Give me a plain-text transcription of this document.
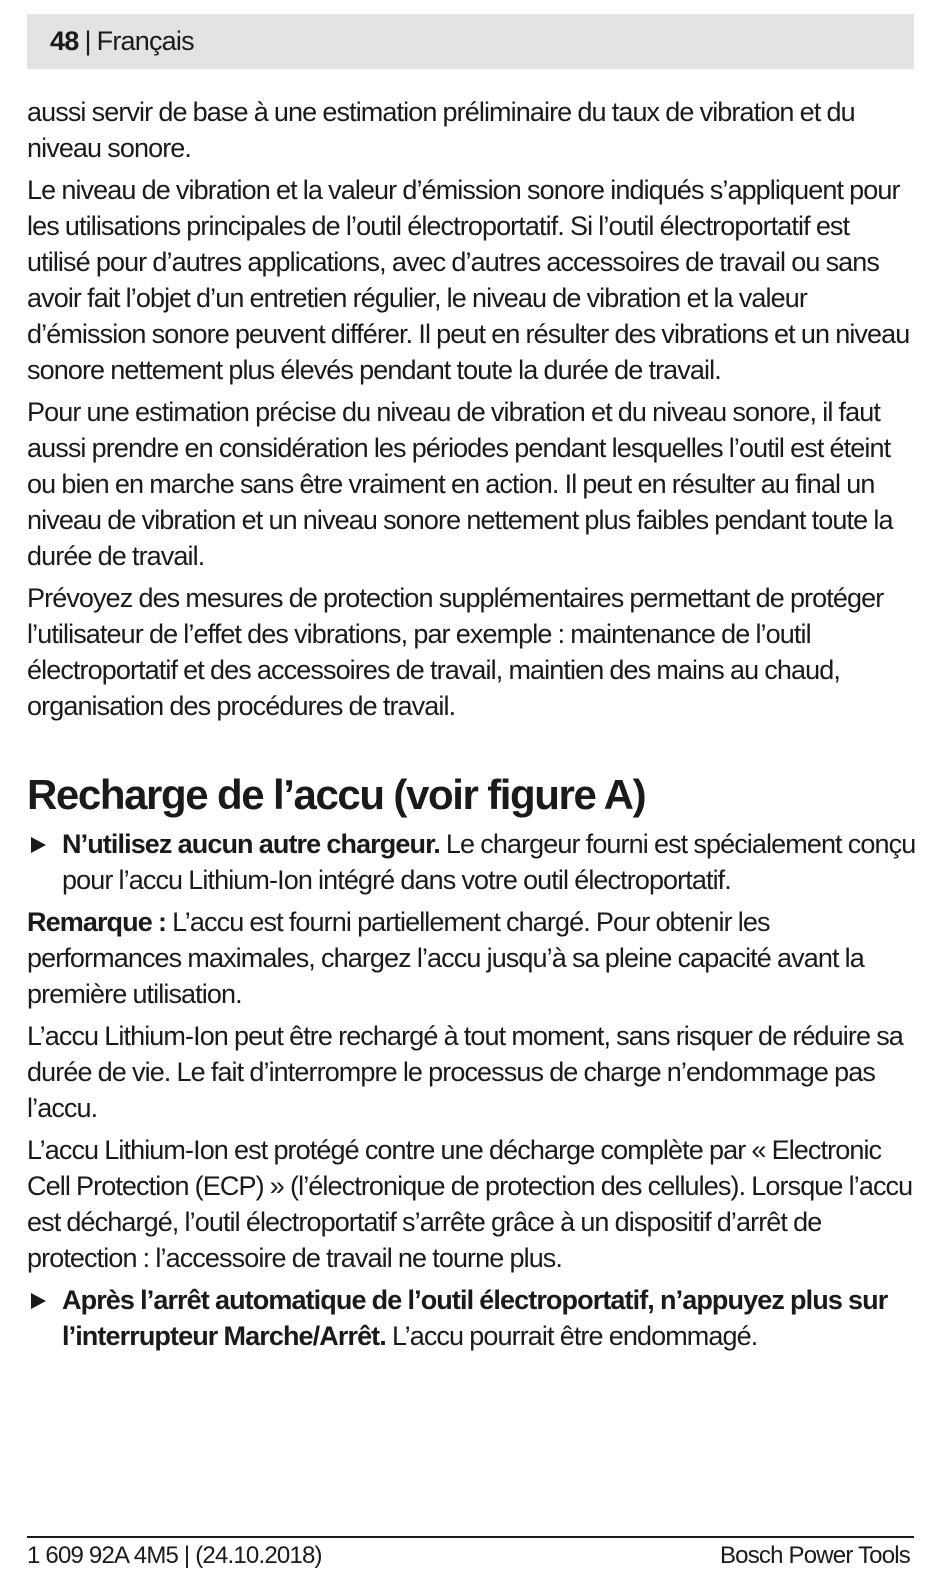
48 | Français

aussi servir de base à une estimation préliminaire du taux de vibration et du niveau sonore.

Le niveau de vibration et la valeur d’émission sonore indiqués s’appliquent pour les utilisations principales de l’outil électroportatif. Si l’outil électroportatif est utilisé pour d’autres applications, avec d’autres accessoires de travail ou sans avoir fait l’objet d’un entretien régulier, le niveau de vibration et la valeur d’émission sonore peuvent différer. Il peut en résulter des vibrations et un niveau sonore nettement plus élevés pendant toute la durée de travail.

Pour une estimation précise du niveau de vibration et du niveau sonore, il faut aussi prendre en considération les périodes pendant lesquelles l’outil est éteint ou bien en marche sans être vraiment en action. Il peut en résulter au final un niveau de vibration et un niveau sonore nettement plus faibles pendant toute la durée de travail.

Prévoyez des mesures de protection supplémentaires permettant de protéger l’utilisateur de l’effet des vibrations, par exemple : maintenance de l’outil électroportatif et des accessoires de travail, maintien des mains au chaud, organisation des procédures de travail.

Recharge de l’accu (voir figure A)
N’utilisez aucun autre chargeur. Le chargeur fourni est spécialement conçu pour l’accu Lithium-Ion intégré dans votre outil électroportatif.

Remarque : L’accu est fourni partiellement chargé. Pour obtenir les performances maximales, chargez l’accu jusqu’à sa pleine capacité avant la première utilisation.

L’accu Lithium-Ion peut être rechargé à tout moment, sans risquer de réduire sa durée de vie. Le fait d’interrompre le processus de charge n’endommage pas l’accu.

L’accu Lithium-Ion est protégé contre une décharge complète par « Electronic Cell Protection (ECP) » (l’électronique de protection des cellules). Lorsque l’accu est déchargé, l’outil électroportatif s’arrête grâce à un dispositif d’arrêt de protection : l’accessoire de travail ne tourne plus.

Après l’arrêt automatique de l’outil électroportatif, n’appuyez plus sur l’interrupteur Marche/Arrêt. L’accu pourrait être endommagé.
1 609 92A 4M5 | (24.10.2018)	Bosch Power Tools
